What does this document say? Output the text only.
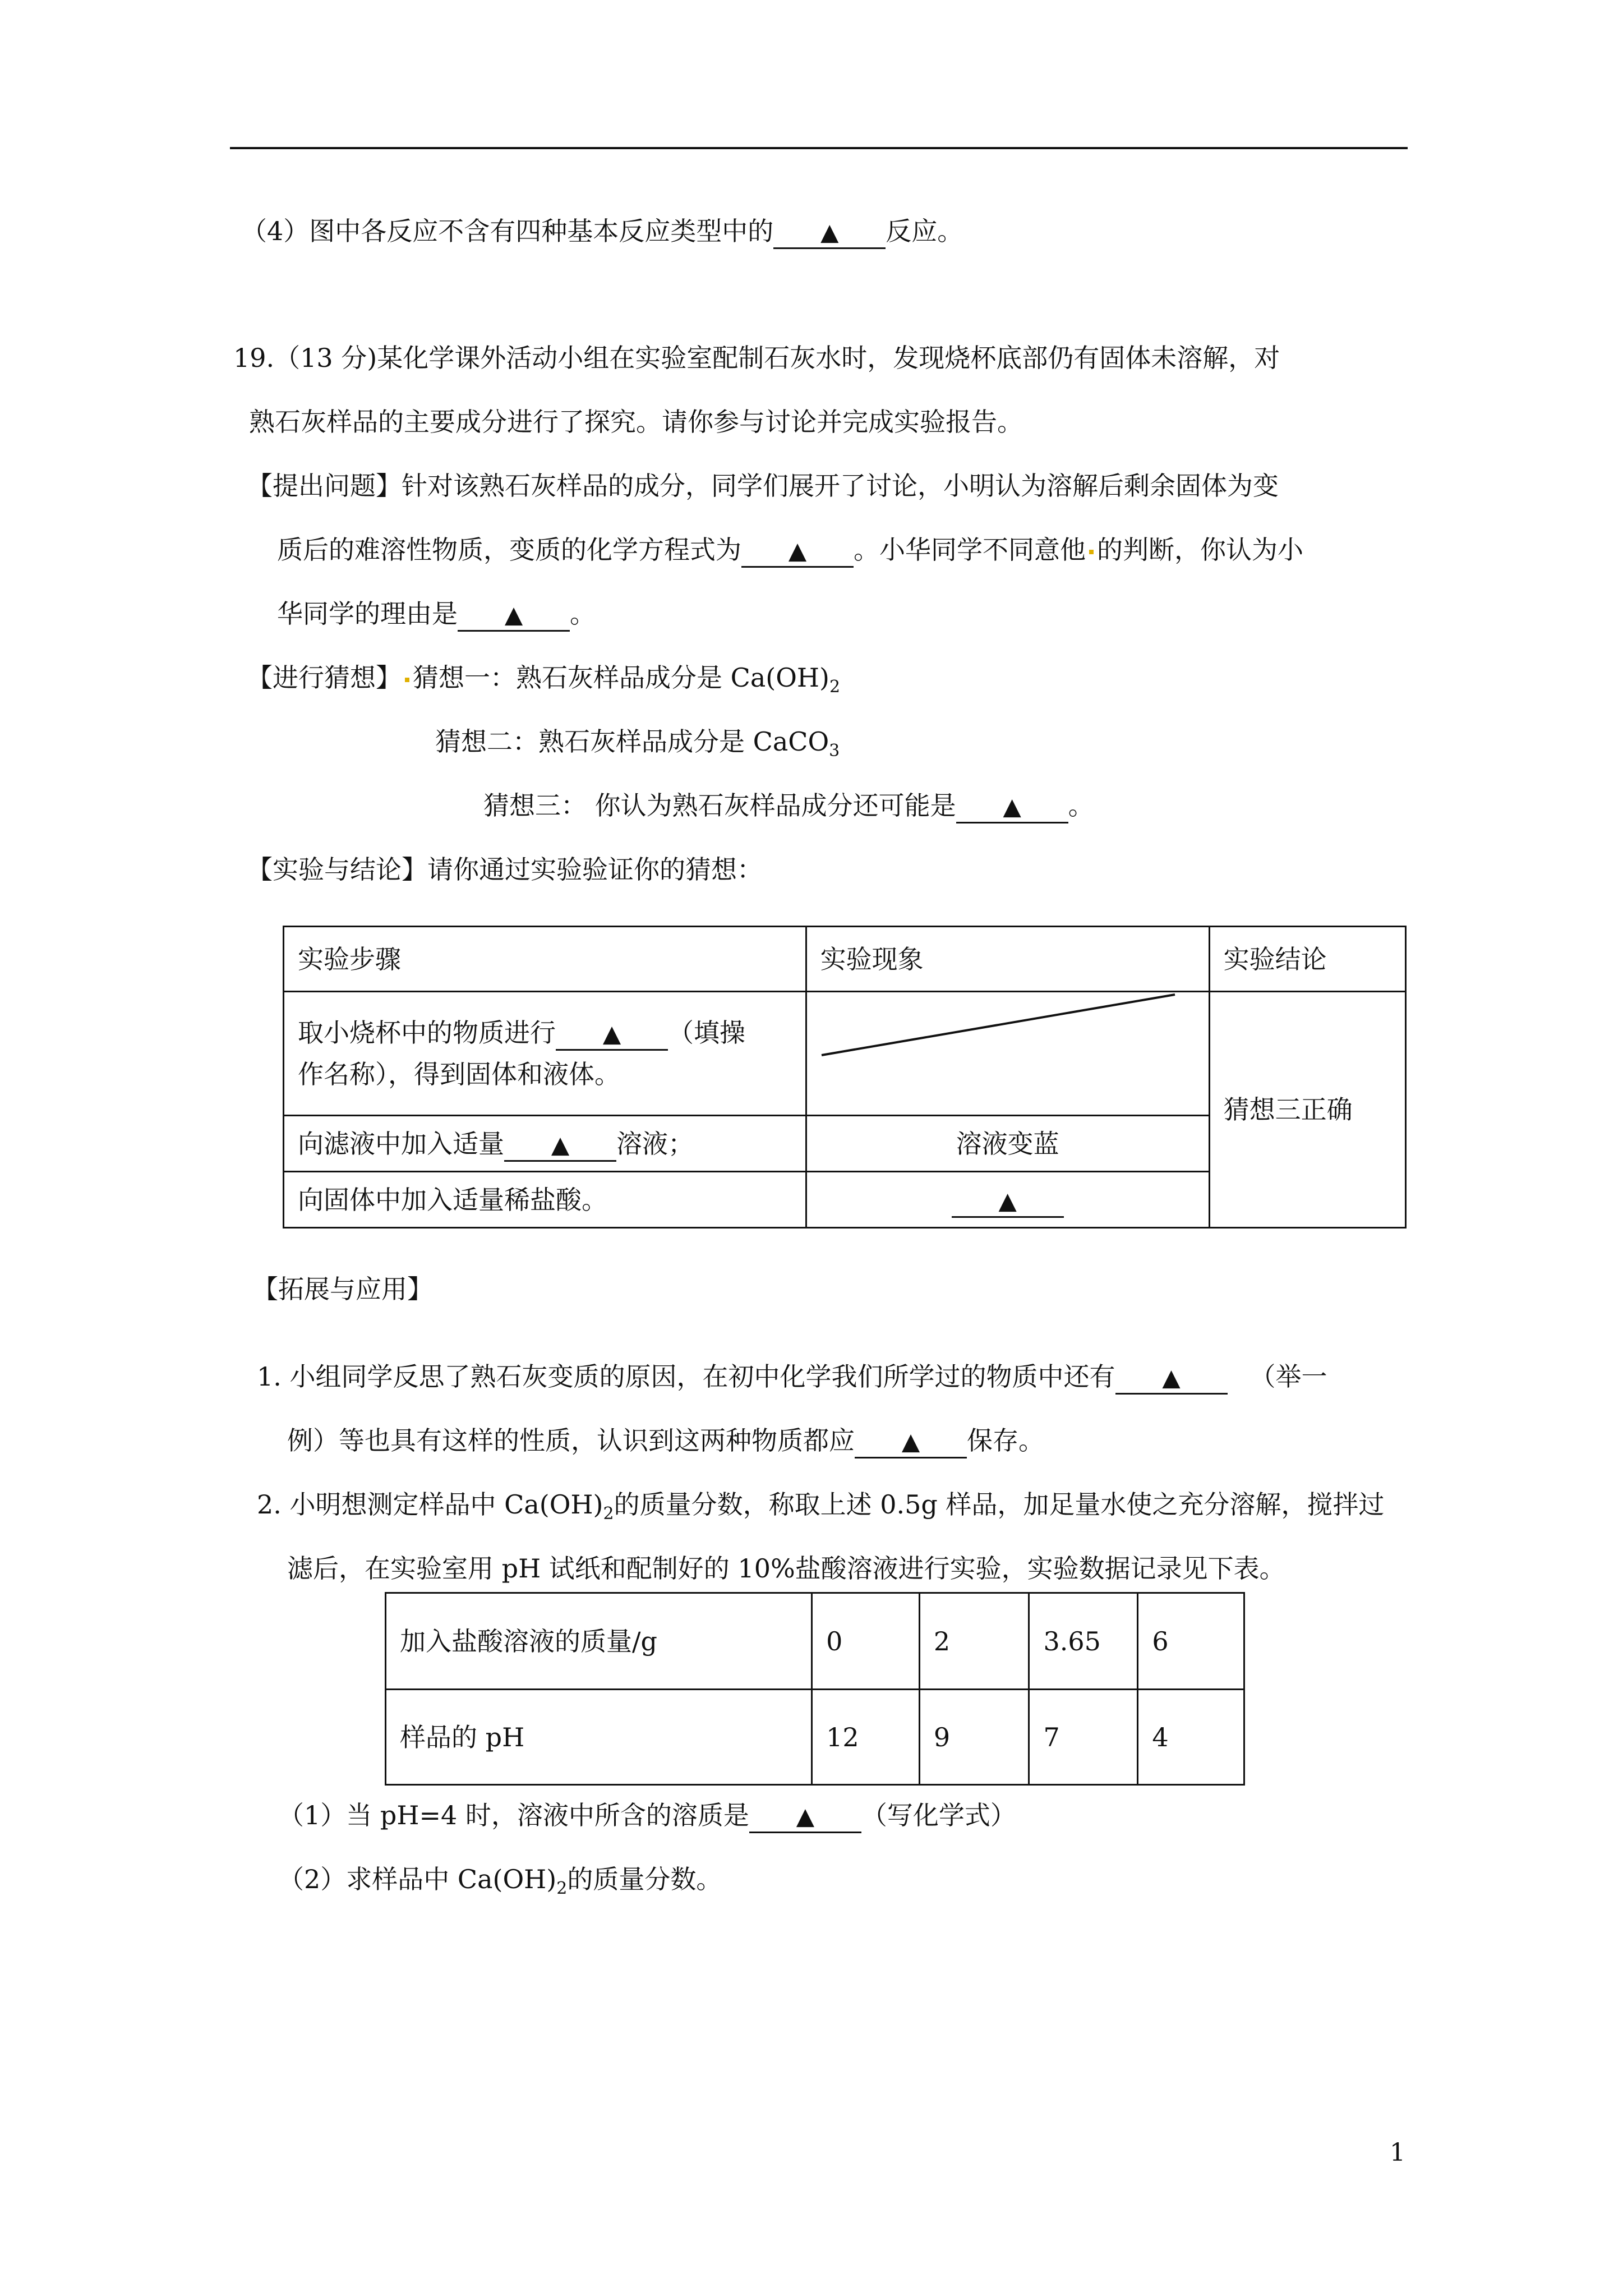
（4）图中各反应不含有四种基本反应类型中的 ▲ 反应。
19.（13 分)某化学课外活动小组在实验室配制石灰水时，发现烧杯底部仍有固体未溶解，对
熟石灰样品的主要成分进行了探究。请你参与讨论并完成实验报告。
【提出问题】针对该熟石灰样品的成分，同学们展开了讨论，小明认为溶解后剩余固体为变
质后的难溶性物质，变质的化学方程式为 ▲ 。小华同学不同意他 的判断，你认为小
华同学的理由是 ▲ 。
【进行猜想】 猜想一：熟石灰样品成分是 $Ca(OH)_2$
猜想二：熟石灰样品成分是 CaCO$_3$
猜想三： 你认为熟石灰样品成分还可能是 ▲ 。
【实验与结论】请你通过实验验证你的猜想：
实验步骤	实验现象	实验结论

取小烧杯中的物质进行 ▲ （填操
作名称），得到固体和液体。		猜想三正确
向滤液中加入适量 ▲ 溶液；	溶液变蓝	
向固体中加入适量稀盐酸。	▲	
【拓展与应用】
1. 小组同学反思了熟石灰变质的原因，在初中化学我们所学过的物质中还有 ▲	（举一
例）等也具有这样的性质，认识到这两种物质都应 ▲ 保存。
2. 小明想测定样品中 $Ca(OH)_2$的质量分数，称取上述 0.5g 样品，加足量水使之充分溶解，搅拌过
滤后，在实验室用 pH 试纸和配制好的 10%盐酸溶液进行实验，实验数据记录见下表。
加入盐酸溶液的质量/g	0	2	3.65	6
样品的 pH	12	9	7	4
（1）当 pH=4 时，溶液中所含的溶质是 ▲ （写化学式）
（2）求样品中 $Ca(OH)_2$的质量分数。
1
